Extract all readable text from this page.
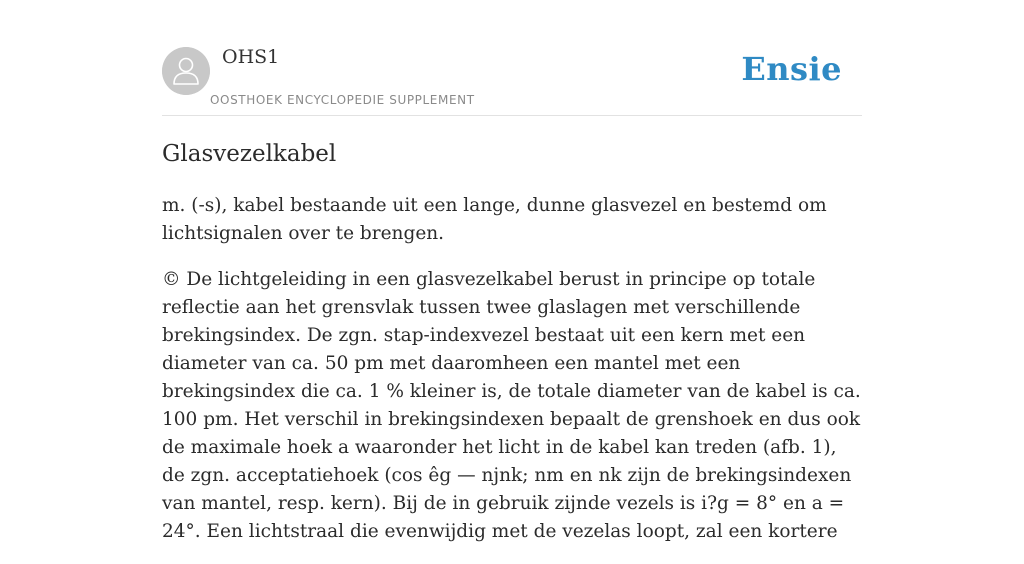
OHS1
OOSTHOEK ENCYCLOPEDIE SUPPLEMENT
Ensie
Glasvezelkabel

m. (-s), kabel bestaande uit een lange, dunne glasvezel en bestemd om lichtsignalen over te brengen.

© De lichtgeleiding in een glasvezelkabel berust in principe op totale reflectie aan het grensvlak tussen twee glaslagen met verschillende brekingsindex. De zgn. stap-indexvezel bestaat uit een kern met een diameter van ca. 50 pm met daaromheen een mantel met een brekingsindex die ca. 1 % kleiner is, de totale diameter van de kabel is ca. 100 pm. Het verschil in brekingsindexen bepaalt de grenshoek en dus ook de maximale hoek a waaronder het licht in de kabel kan treden (afb. 1), de zgn. acceptatiehoek (cos êg — njnk; nm en nk zijn de brekingsindexen van mantel, resp. kern). Bij de in gebruik zijnde vezels is i?g = 8° en a = 24°. Een lichtstraal die evenwijdig met de vezelas loopt, zal een kortere
